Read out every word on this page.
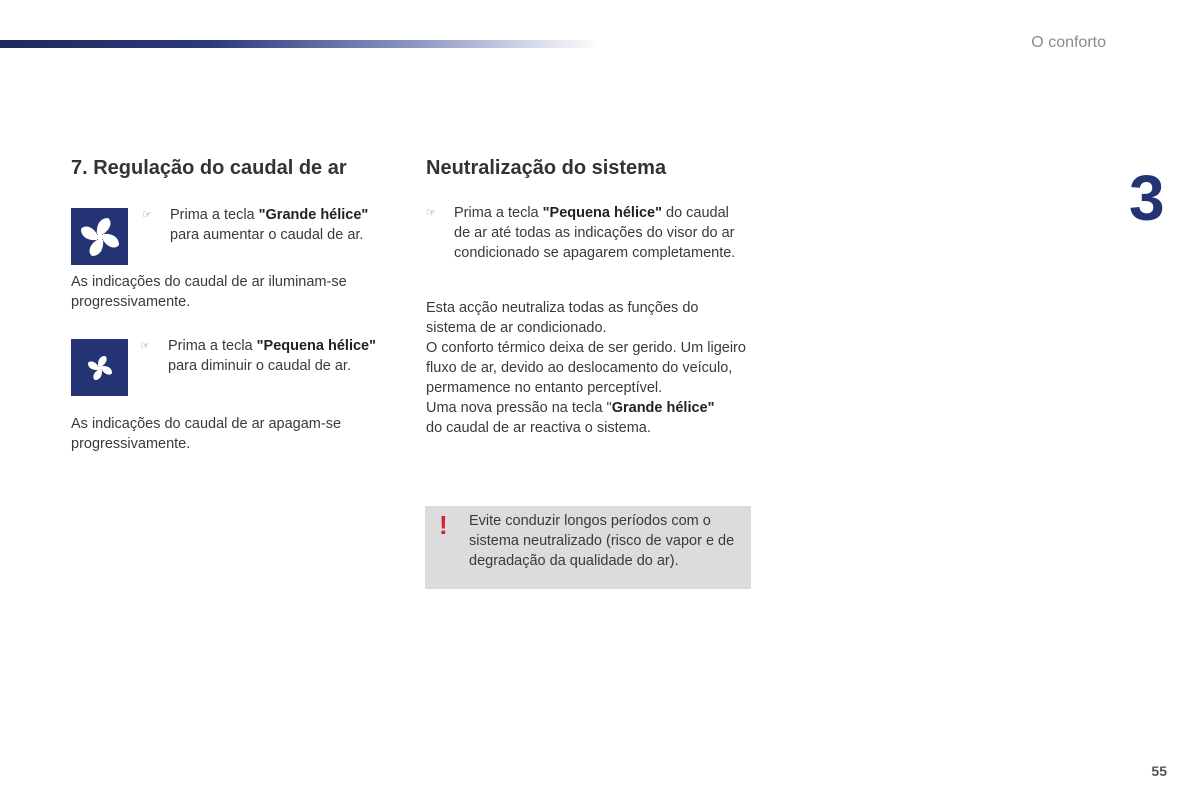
O conforto
3
55
7. Regulação do caudal de ar
☞	Prima a tecla "Grande hélice"
para aumentar o caudal de ar.

As indicações do caudal de ar iluminam-se progressivamente.

☞	Prima a tecla "Pequena hélice"
para diminuir o caudal de ar.

As indicações do caudal de ar apagam-se progressivamente.

Neutralização do sistema
☞	Prima a tecla "Pequena hélice" do caudal de ar até todas as indicações do visor do ar condicionado se apagarem completamente.

Esta acção neutraliza todas as funções do sistema de ar condicionado.

O conforto térmico deixa de ser gerido. Um ligeiro fluxo de ar, devido ao deslocamento do veículo, permamence no entanto perceptível.

Uma nova pressão na tecla "Grande hélice"
do caudal de ar reactiva o sistema.

! Evite conduzir longos períodos com o sistema neutralizado (risco de vapor e de degradação da qualidade do ar).
